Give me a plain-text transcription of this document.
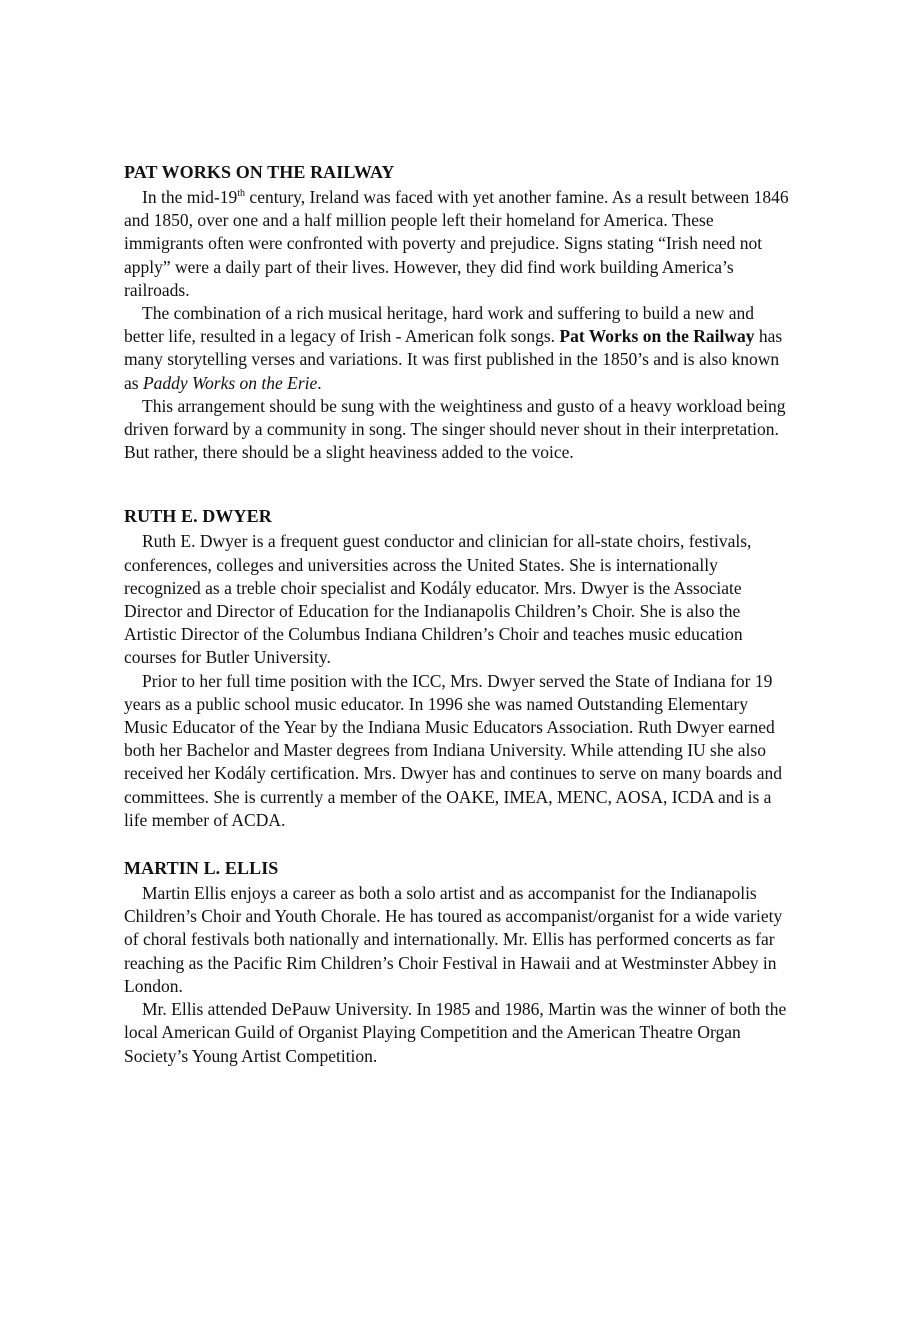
PAT WORKS ON THE RAILWAY

In the mid-19th century, Ireland was faced with yet another famine. As a result between 1846 and 1850, over one and a half million people left their homeland for America. These immigrants often were confronted with poverty and prejudice. Signs stating “Irish need not apply” were a daily part of their lives. However, they did find work building America’s railroads.

The combination of a rich musical heritage, hard work and suffering to build a new and better life, resulted in a legacy of Irish - American folk songs. Pat Works on the Railway has many storytelling verses and variations. It was first published in the 1850’s and is also known as Paddy Works on the Erie.

This arrangement should be sung with the weightiness and gusto of a heavy workload being driven forward by a community in song. The singer should never shout in their interpretation. But rather, there should be a slight heaviness added to the voice.

RUTH E. DWYER

Ruth E. Dwyer is a frequent guest conductor and clinician for all-state choirs, festivals, conferences, colleges and universities across the United States. She is internationally recognized as a treble choir specialist and Kodály educator. Mrs. Dwyer is the Associate Director and Director of Education for the Indianapolis Children’s Choir. She is also the Artistic Director of the Columbus Indiana Children’s Choir and teaches music education courses for Butler University.

Prior to her full time position with the ICC, Mrs. Dwyer served the State of Indiana for 19 years as a public school music educator. In 1996 she was named Outstanding Elementary Music Educator of the Year by the Indiana Music Educators Association. Ruth Dwyer earned both her Bachelor and Master degrees from Indiana University. While attending IU she also received her Kodály certification. Mrs. Dwyer has and continues to serve on many boards and committees. She is currently a member of the OAKE, IMEA, MENC, AOSA, ICDA and is a life member of ACDA.

MARTIN L. ELLIS

Martin Ellis enjoys a career as both a solo artist and as accompanist for the Indianapolis Children’s Choir and Youth Chorale. He has toured as accompanist/organist for a wide variety of choral festivals both nationally and internationally. Mr. Ellis has performed concerts as far reaching as the Pacific Rim Children’s Choir Festival in Hawaii and at Westminster Abbey in London.

Mr. Ellis attended DePauw University. In 1985 and 1986, Martin was the winner of both the local American Guild of Organist Playing Competition and the American Theatre Organ Society’s Young Artist Competition.
